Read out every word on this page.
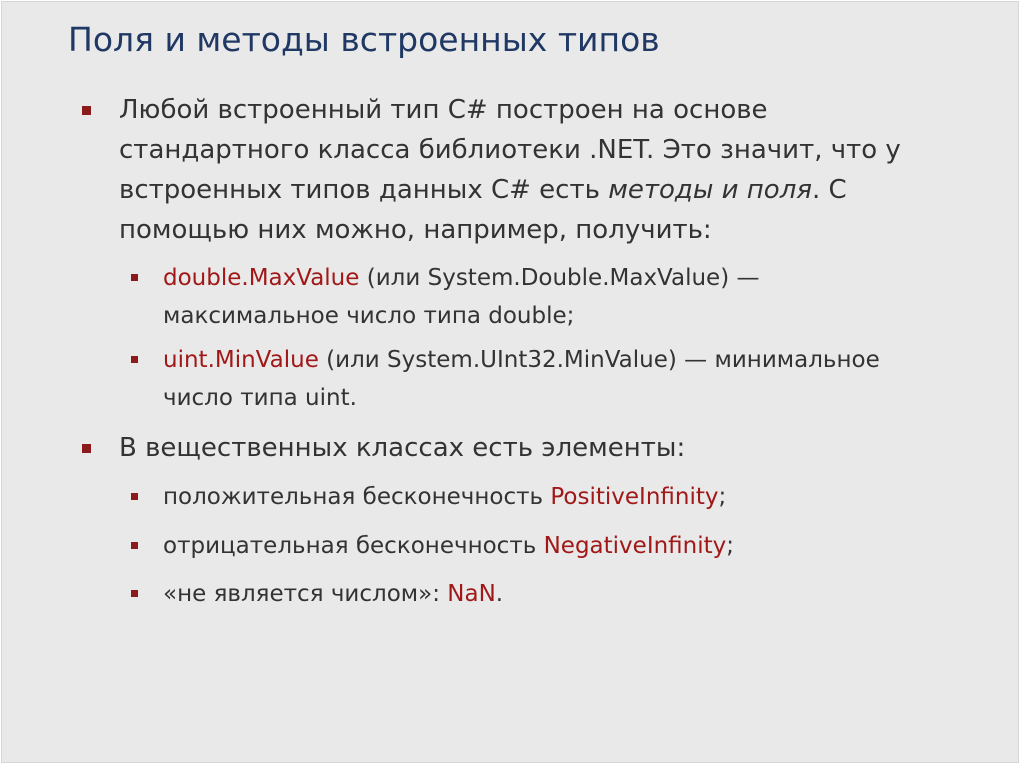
Поля и методы встроенных типов
Любой встроенный тип C# построен на основе
стандартного класса библиотеки .NET. Это значит, что у
встроенных типов данных C# есть методы и поля. С
помощью них можно, например, получить:
double.MaxValue (или System.Double.MaxValue) —
максимальное число типа double;
uint.MinValue (или System.UInt32.MinValue) — минимальное
число типа uint.
В вещественных классах есть элементы:
положительная бесконечность PositiveInfinity;
отрицательная бесконечность NegativeInfinity;
«не является числом»: NaN.
